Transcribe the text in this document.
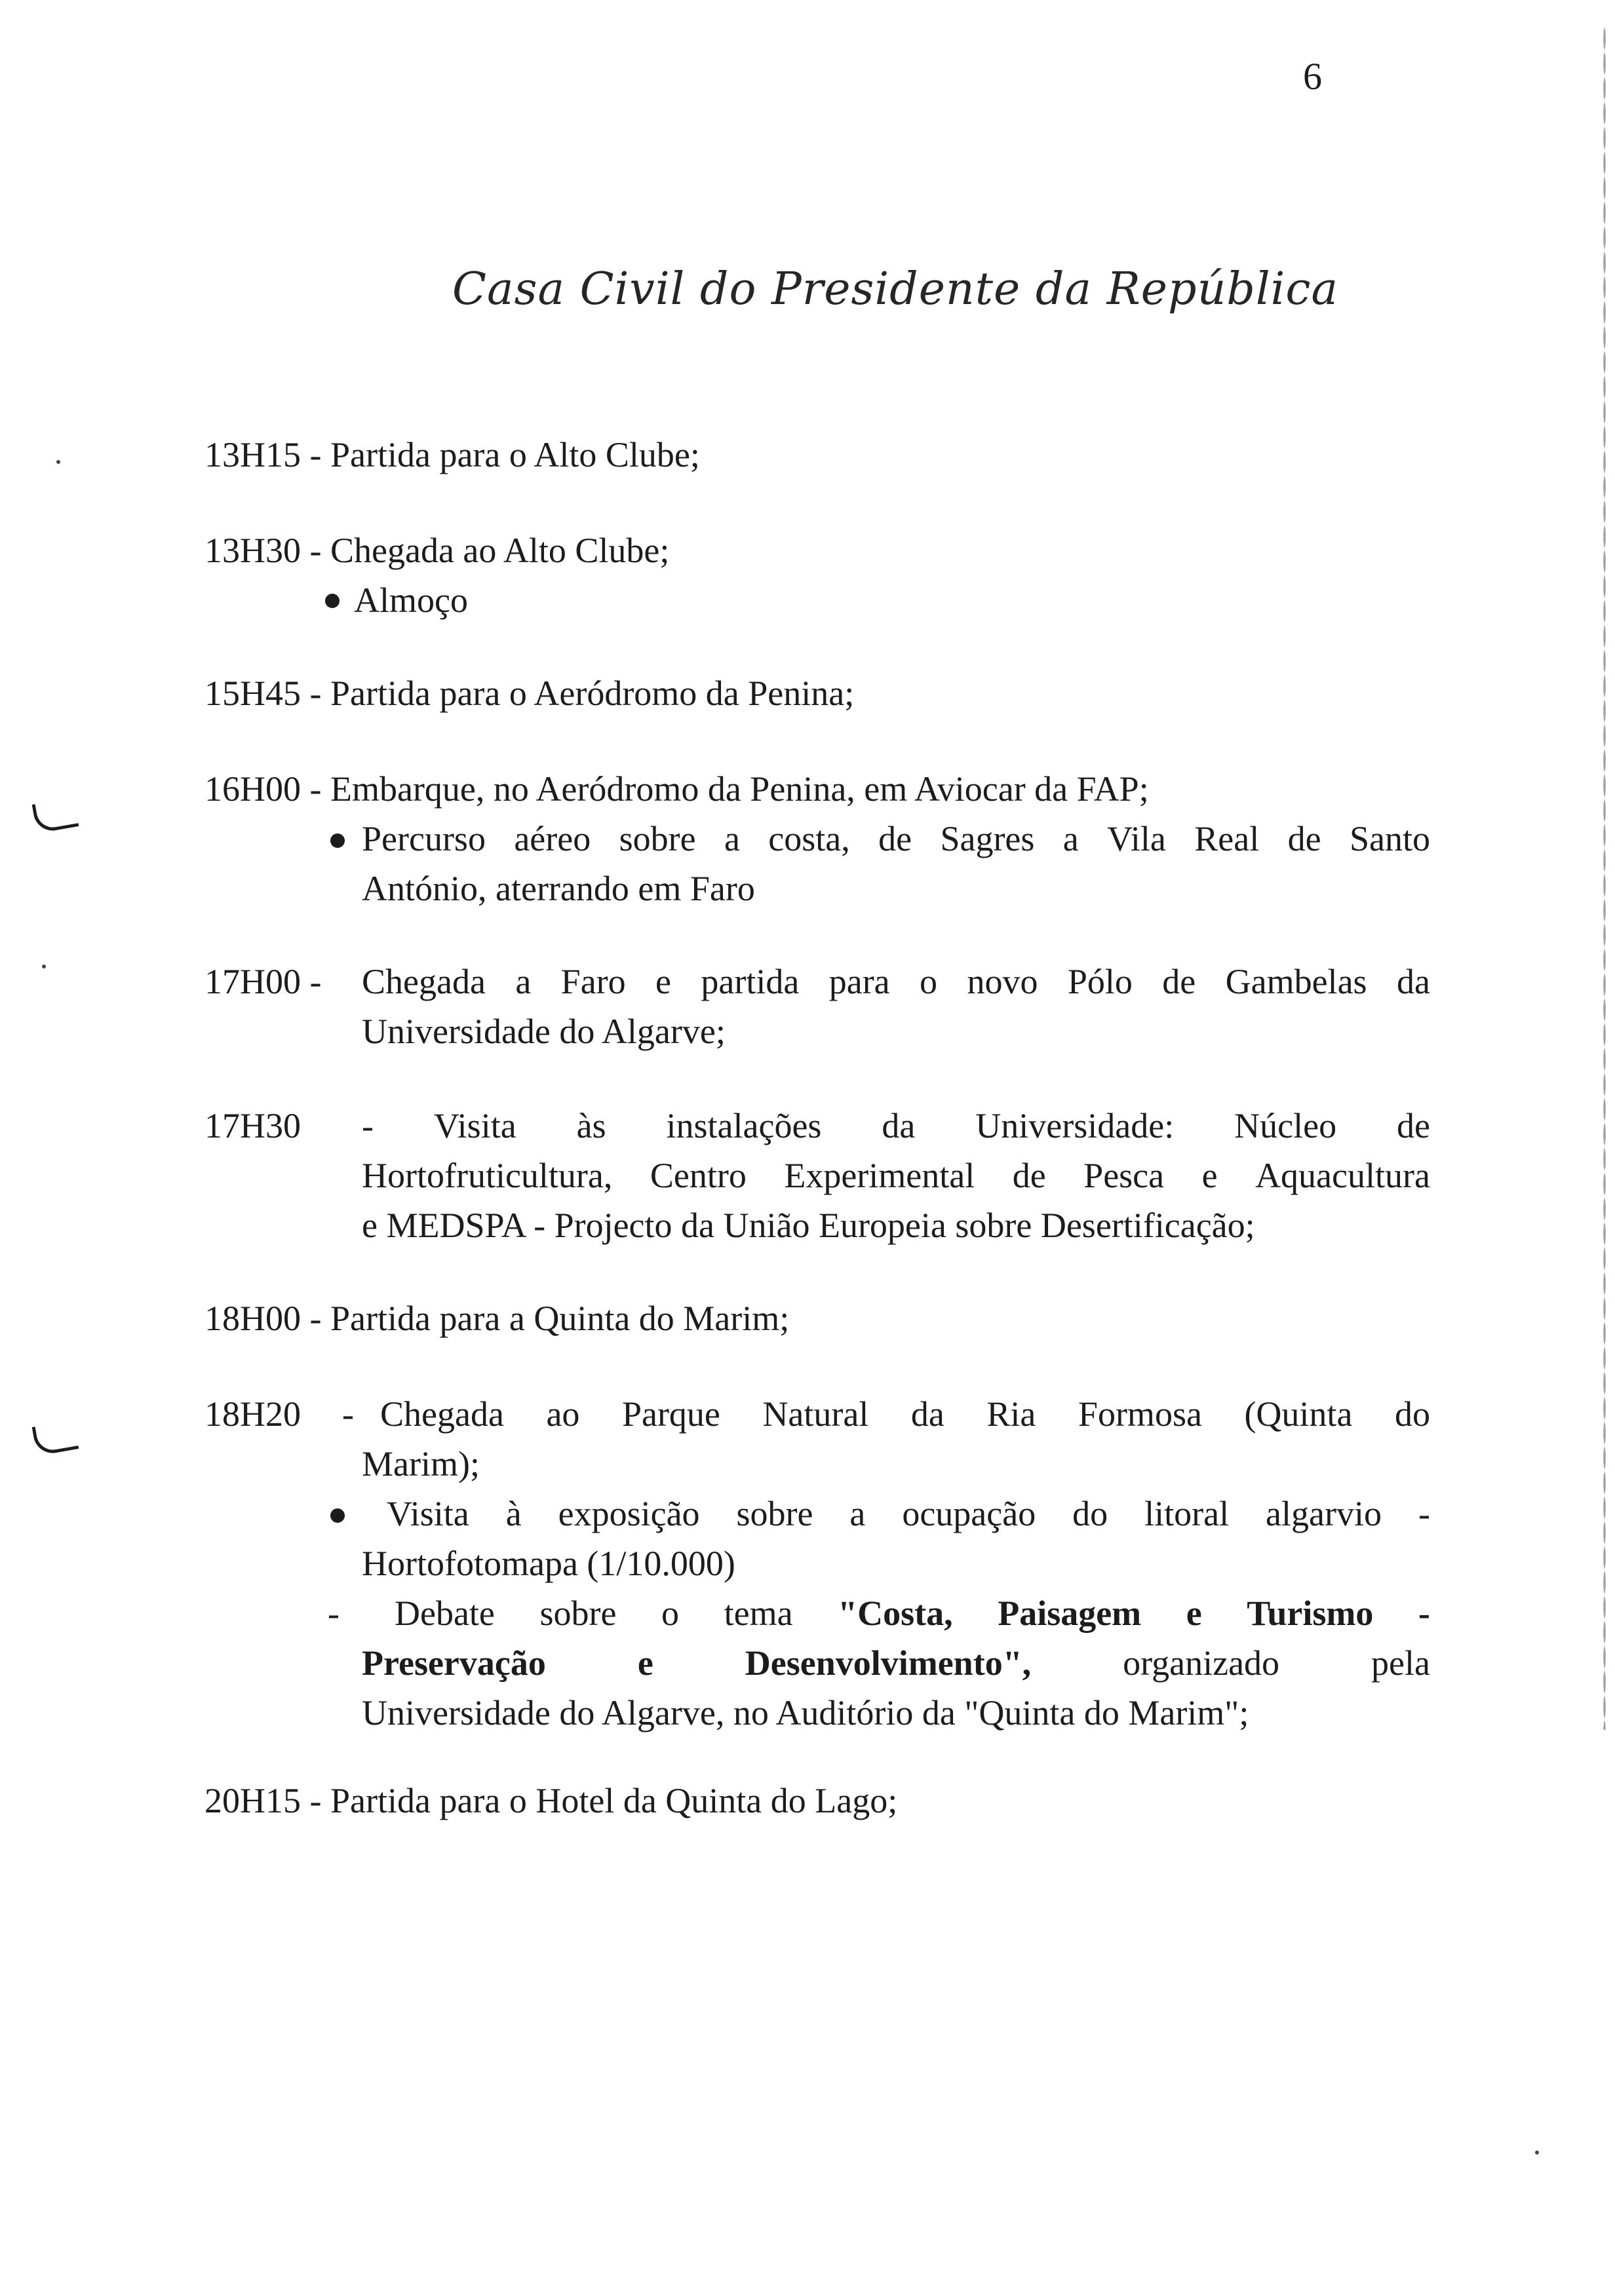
6
Casa Civil do Presidente da República
13H15 - Partida para o Alto Clube;
13H30 - Chegada ao Alto Clube;
Almoço
15H45 - Partida para o Aeródromo da Penina;
16H00 - Embarque, no Aeródromo da Penina, em Aviocar da FAP;
Percurso aéreo sobre a costa, de Sagres a Vila Real de Santo
António, aterrando em Faro
17H00 - Chegada a Faro e partida para o novo Pólo de Gambelas da
Universidade do Algarve;
17H30 - Visita às instalações da Universidade: Núcleo de
Hortofruticultura, Centro Experimental de Pesca e Aquacultura
e MEDSPA - Projecto da União Europeia sobre Desertificação;
18H00 - Partida para a Quinta do Marim;
18H20 - Chegada ao Parque Natural da Ria Formosa (Quinta do
Marim);
Visita à exposição sobre a ocupação do litoral algarvio -
Hortofotomapa (1/10.000)
- Debate sobre o tema "Costa, Paisagem e Turismo -
Preservação	e	Desenvolvimento",	organizado	pela
Universidade do Algarve, no Auditório da "Quinta do Marim";
20H15 - Partida para o Hotel da Quinta do Lago;
